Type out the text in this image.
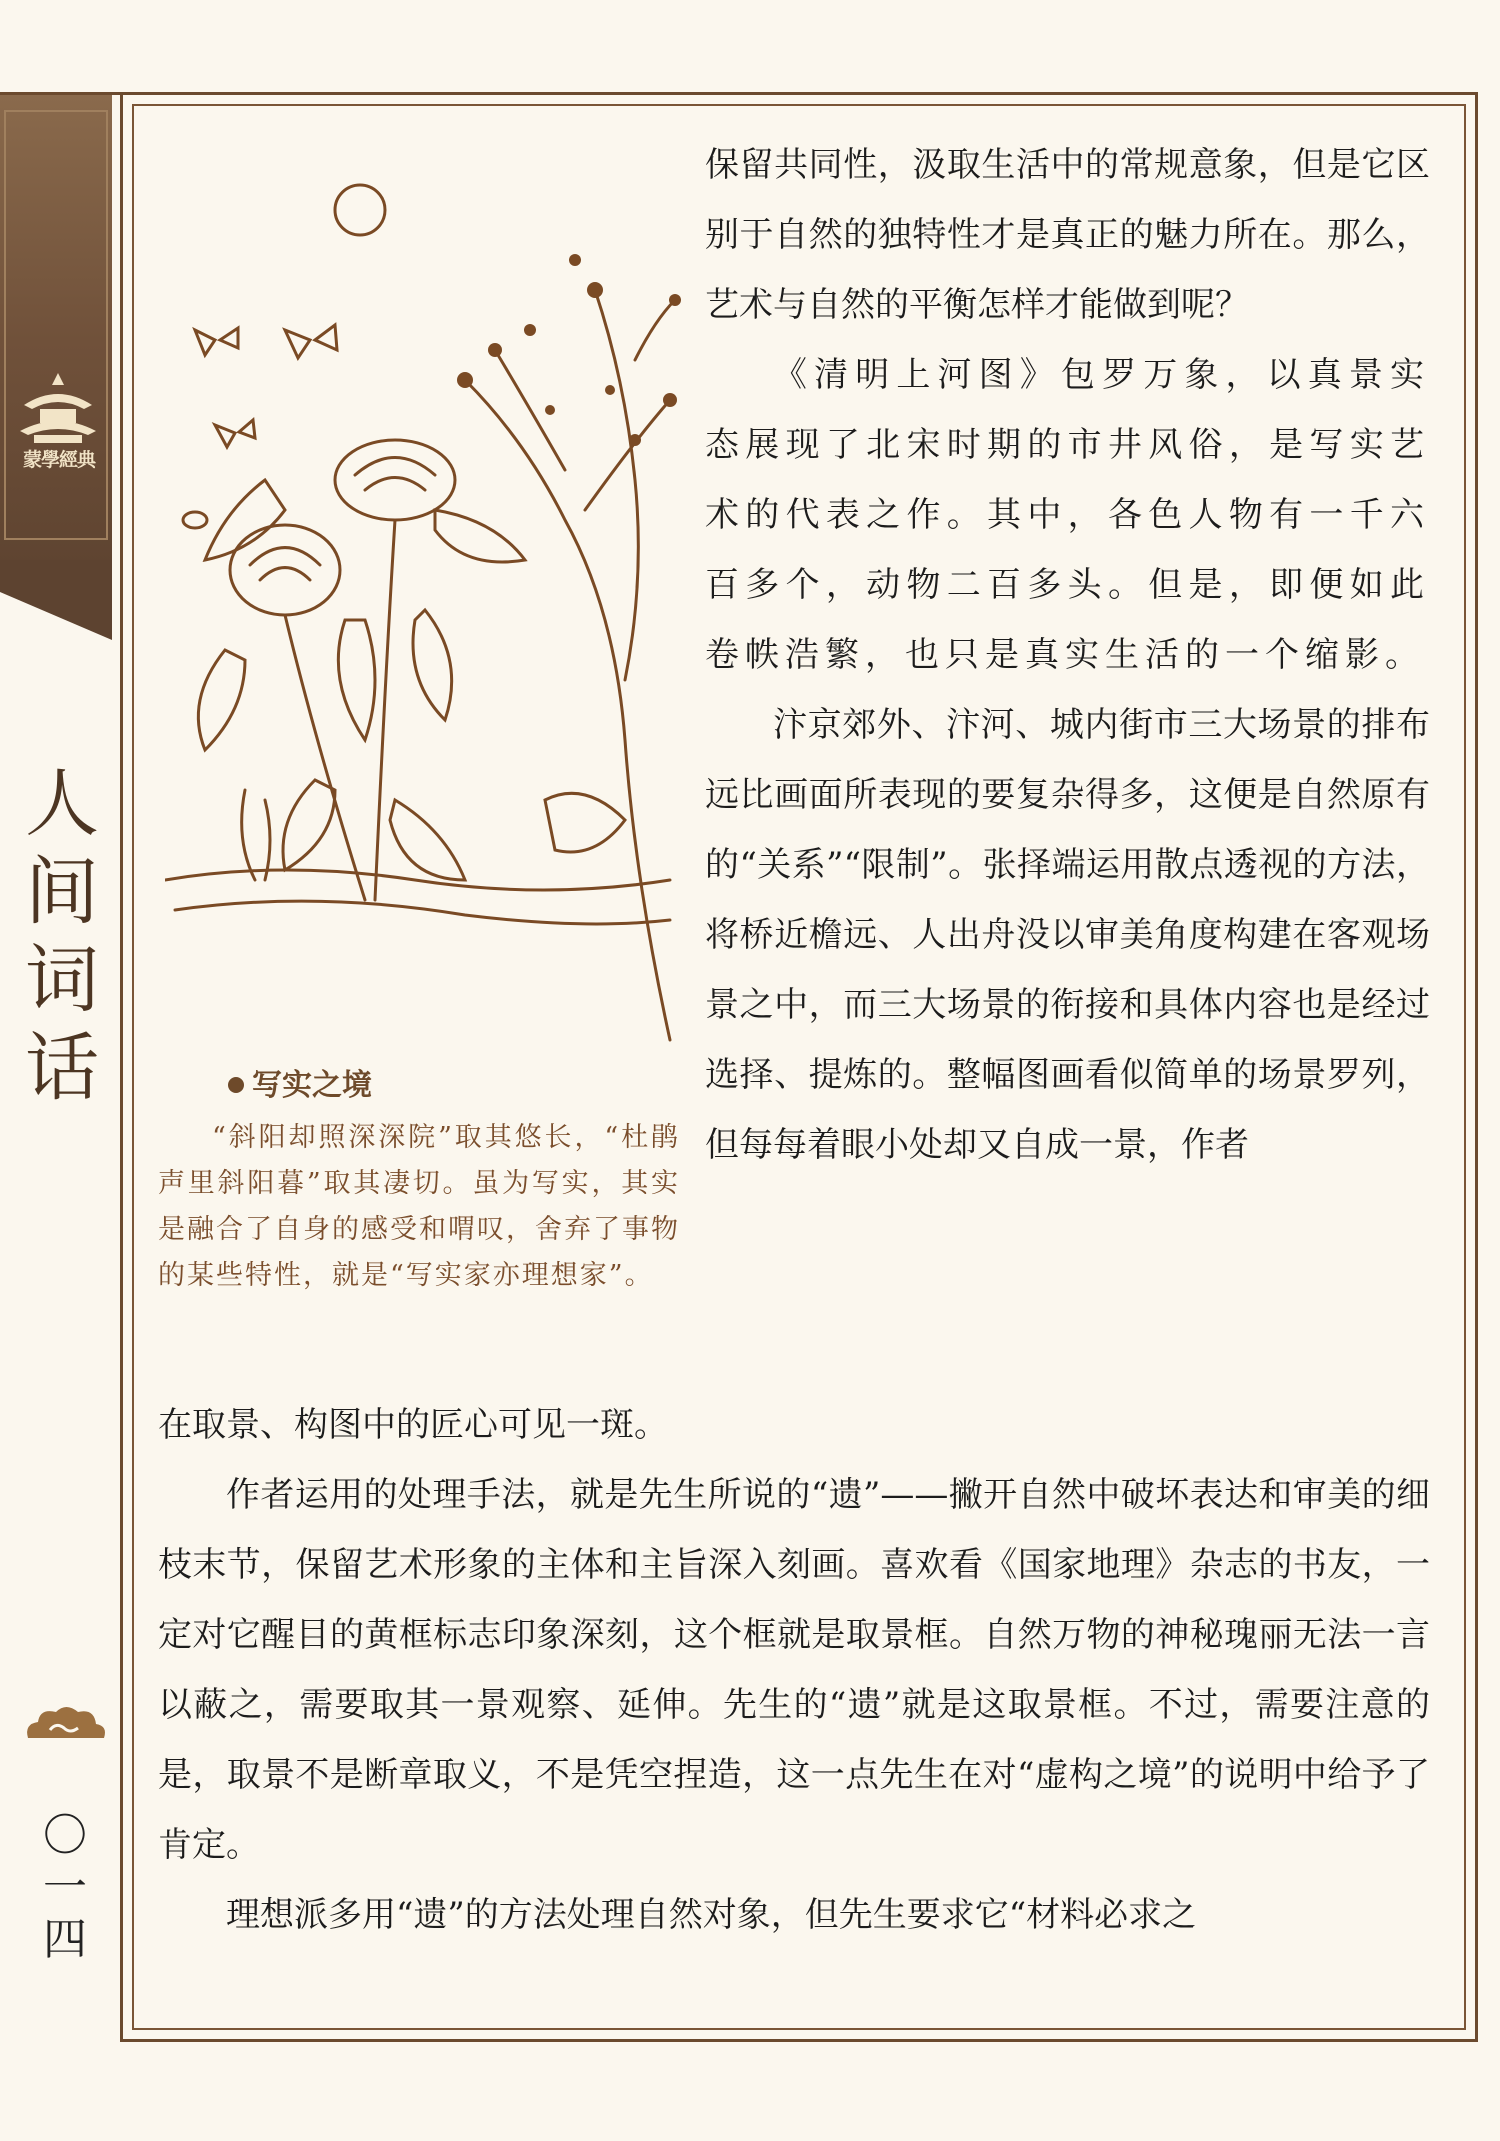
蒙學經典
人
间
词
话
〇
一
四
写实之境

“斜阳却照深深院”取其悠长，“杜鹃声里斜阳暮”取其凄切。虽为写实，其实是融合了自身的感受和喟叹，舍弃了事物的某些特性，就是“写实家亦理想家”。

保留共同性，汲取生活中的常规意象，但是它区别于自然的独特性才是真正的魅力所在。那么，艺术与自然的平衡怎样才能做到呢？

《清明上河图》包罗万象，以真景实态展现了北宋时期的市井风俗，是写实艺术的代表之作。其中，各色人物有一千六百多个，动物二百多头。但是，即便如此卷帙浩繁，也只是真实生活的一个缩影。

汴京郊外、汴河、城内街市三大场景的排布远比画面所表现的要复杂得多，这便是自然原有的“关系”“限制”。张择端运用散点透视的方法，将桥近檐远、人出舟没以审美角度构建在客观场景之中，而三大场景的衔接和具体内容也是经过选择、提炼的。整幅图画看似简单的场景罗列，但每每着眼小处却又自成一景，作者

在取景、构图中的匠心可见一斑。

作者运用的处理手法，就是先生所说的“遗”——撇开自然中破坏表达和审美的细枝末节，保留艺术形象的主体和主旨深入刻画。喜欢看《国家地理》杂志的书友，一定对它醒目的黄框标志印象深刻，这个框就是取景框。自然万物的神秘瑰丽无法一言以蔽之，需要取其一景观察、延伸。先生的“遗”就是这取景框。不过，需要注意的是，取景不是断章取义，不是凭空捏造，这一点先生在对“虚构之境”的说明中给予了肯定。

理想派多用“遗”的方法处理自然对象，但先生要求它“材料必求之
